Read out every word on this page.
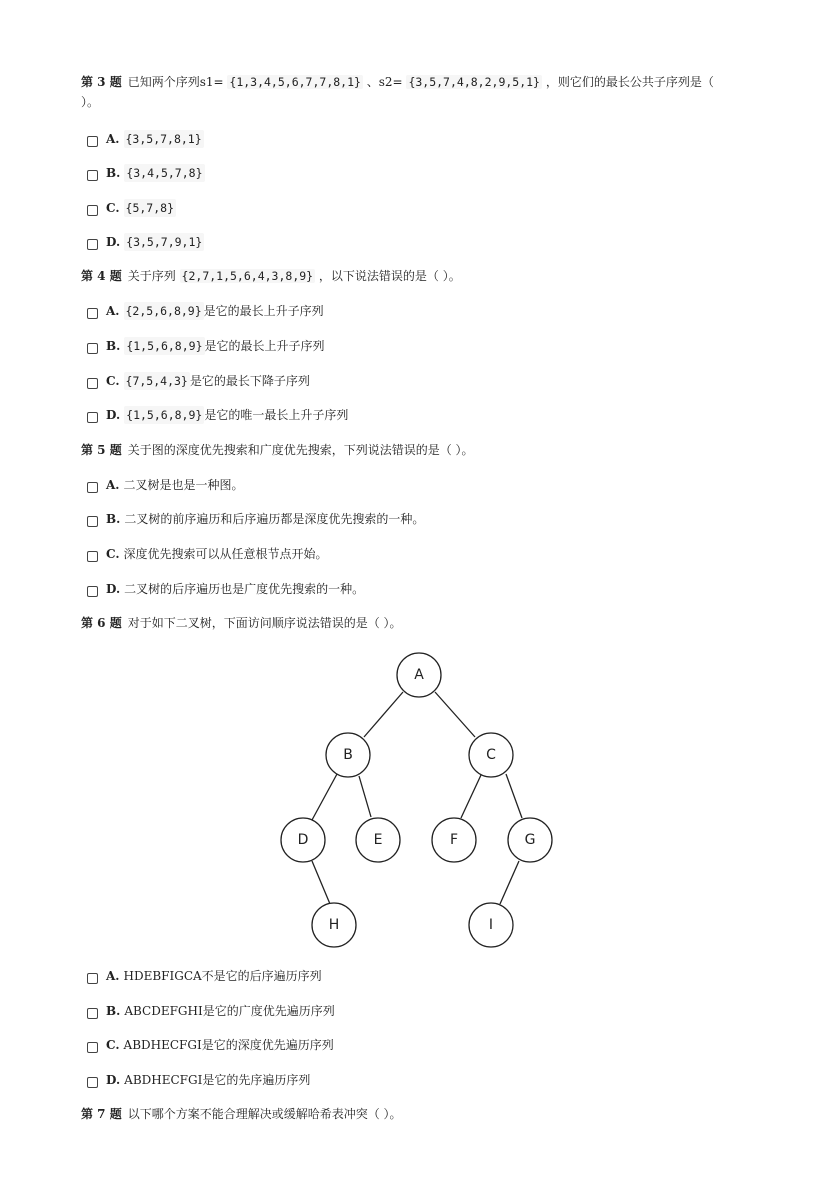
第 3 题 已知两个序列s1= {1,3,4,5,6,7,7,8,1} 、s2= {3,5,7,4,8,2,9,5,1} ，则它们的最长公共子序列是（
）。
A. {3,5,7,8,1}
B. {3,4,5,7,8}
C. {5,7,8}
D. {3,5,7,9,1}
第 4 题 关于序列 {2,7,1,5,6,4,3,8,9} ，以下说法错误的是（ ）。
A. {2,5,6,8,9} 是它的最长上升子序列
B. {1,5,6,8,9} 是它的最长上升子序列
C. {7,5,4,3} 是它的最长下降子序列
D. {1,5,6,8,9} 是它的唯一最长上升子序列
第 5 题 关于图的深度优先搜索和广度优先搜索，下列说法错误的是（ ）。
A. 二叉树是也是一种图。
B. 二叉树的前序遍历和后序遍历都是深度优先搜索的一种。
C. 深度优先搜索可以从任意根节点开始。
D. 二叉树的后序遍历也是广度优先搜索的一种。
第 6 题 对于如下二叉树，下面访问顺序说法错误的是（ ）。
A
B	C
D	E	F	G
H	I
A. HDEBFIGCA不是它的后序遍历序列
B. ABCDEFGHI是它的广度优先遍历序列
C. ABDHECFGI是它的深度优先遍历序列
D. ABDHECFGI是它的先序遍历序列
第 7 题 以下哪个方案不能合理解决或缓解哈希表冲突（ ）。
